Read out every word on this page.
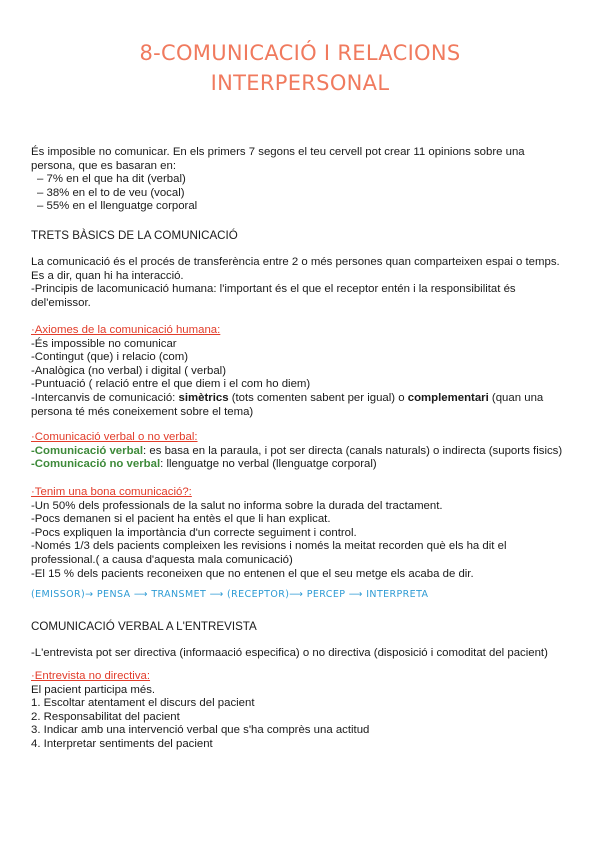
8-COMUNICACIÓ I RELACIONS
INTERPERSONAL
És imposible no comunicar. En els primers 7 segons el teu cervell pot crear 11 opinions sobre una
persona, que es basaran en:
– 7% en el que ha dit (verbal)
– 38% en el to de veu (vocal)
– 55% en el llenguatge corporal
TRETS BÀSICS DE LA COMUNICACIÓ
La comunicació és el procés de transferència entre 2 o més persones quan comparteixen espai o temps.
Es a dir, quan hi ha interacció.
-Principis de lacomunicació humana: l'important és el que el receptor entén i la responsibilitat és
del'emissor.
·Axiomes de la comunicació humana:
-És impossible no comunicar
-Contingut (que) i relacio (com)
-Analògica (no verbal) i digital ( verbal)
-Puntuació ( relació entre el que diem i el com ho diem)
-Intercanvis de comunicació: simètrics (tots comenten sabent per igual) o complementari (quan una
persona té més coneixement sobre el tema)
·Comunicació verbal o no verbal:
-Comunicació verbal: es basa en la paraula, i pot ser directa (canals naturals) o indirecta (suports fisics)
-Comunicació no verbal: llenguatge no verbal (llenguatge corporal)
·Tenim una bona comunicació?:
-Un 50% dels professionals de la salut no informa sobre la durada del tractament.
-Pocs demanen si el pacient ha entès el que li han explicat.
-Pocs expliquen la importància d'un correcte seguiment i control.
-Només 1/3 dels pacients compleixen les revisions i només la meitat recorden què els ha dit el
professional.( a causa d'aquesta mala comunicació)
-El 15 % dels pacients reconeixen que no entenen el que el seu metge els acaba de dir.
(EMISSOR)→ PENSA ⟶ TRANSMET ⟶ (RECEPTOR)⟶ PERCEP ⟶ INTERPRETA
COMUNICACIÓ VERBAL A L'ENTREVISTA
-L'entrevista pot ser directiva (informaació especifica) o no directiva (disposició i comoditat del pacient)
·Entrevista no directiva:
El pacient participa més.
1. Escoltar atentament el discurs del pacient
2. Responsabilitat del pacient
3. Indicar amb una intervenció verbal que s'ha comprès una actitud
4. Interpretar sentiments del pacient
